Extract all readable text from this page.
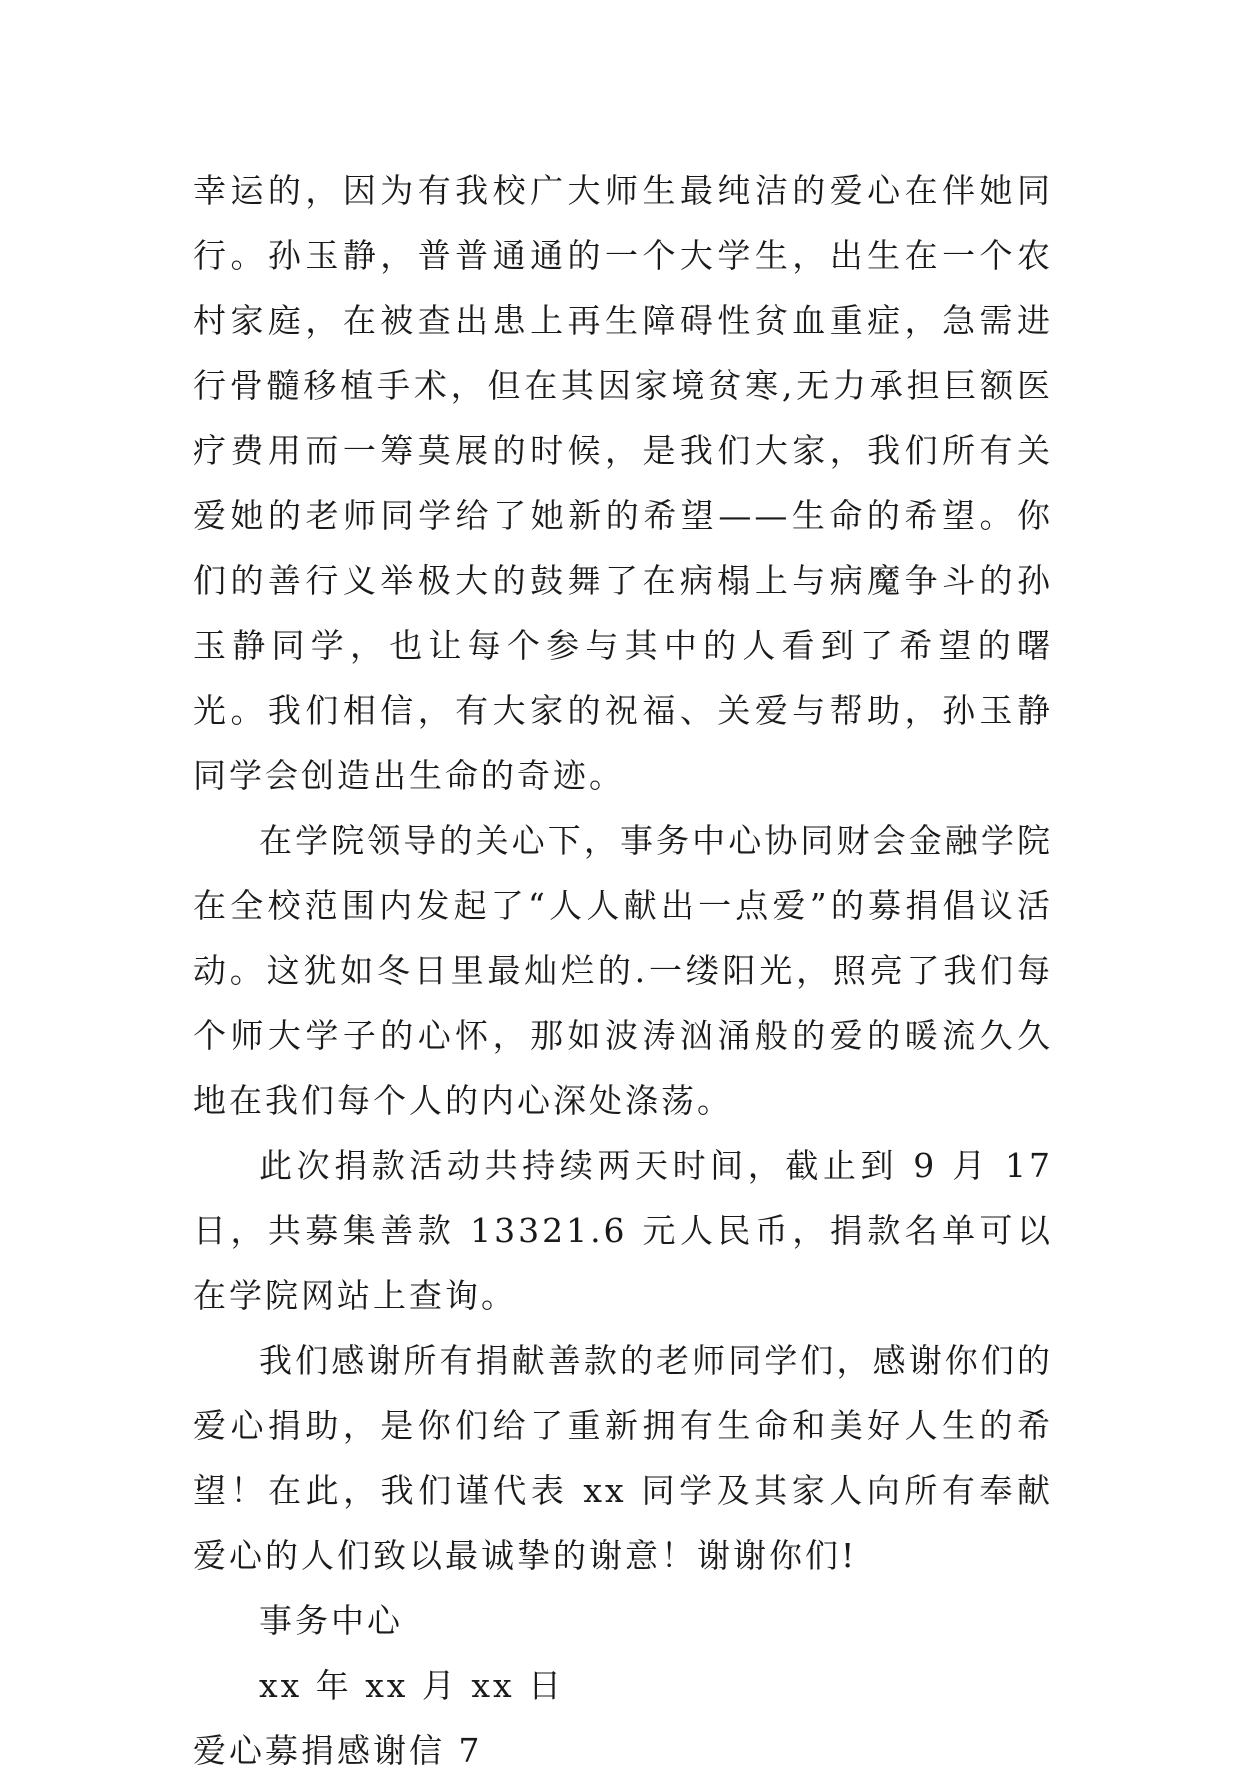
幸运的，因为有我校广大师生最纯洁的爱心在伴她同行。孙玉静，普普通通的一个大学生，出生在一个农村家庭，在被查出患上再生障碍性贫血重症，急需进行骨髓移植手术，但在其因家境贫寒,无力承担巨额医疗费用而一筹莫展的时候，是我们大家，我们所有关爱她的老师同学给了她新的希望——生命的希望。你们的善行义举极大的鼓舞了在病榻上与病魔争斗的孙玉静同学，也让每个参与其中的人看到了希望的曙光。我们相信，有大家的祝福、关爱与帮助，孙玉静同学会创造出生命的奇迹。

在学院领导的关心下，事务中心协同财会金融学院在全校范围内发起了“人人献出一点爱”的募捐倡议活动。这犹如冬日里最灿烂的.一缕阳光，照亮了我们每个师大学子的心怀，那如波涛汹涌般的爱的暖流久久地在我们每个人的内心深处涤荡。

此次捐款活动共持续两天时间，截止到 9 月 17 日，共募集善款 13321.6 元人民币，捐款名单可以在学院网站上查询。

我们感谢所有捐献善款的老师同学们，感谢你们的爱心捐助，是你们给了重新拥有生命和美好人生的希望！在此，我们谨代表 xx 同学及其家人向所有奉献爱心的人们致以最诚挚的谢意！谢谢你们!

事务中心

xx 年 xx 月 xx 日

爱心募捐感谢信 7
